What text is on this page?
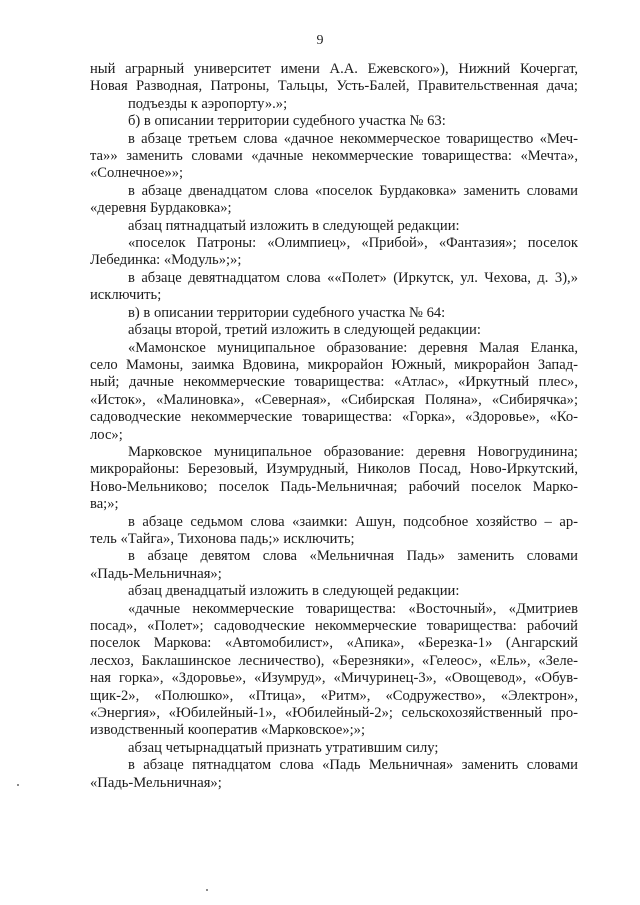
9
ный аграрный университет имени А.А. Ежевского»), Нижний Кочергат,
Новая Разводная, Патроны, Тальцы, Усть-Балей, Правительственная дача;
подъезды к аэропорту».»;
б) в описании территории судебного участка № 63:
в абзаце третьем слова «дачное некоммерческое товарищество «Меч-
та»» заменить словами «дачные некоммерческие товарищества: «Мечта»,
«Солнечное»»;
в абзаце двенадцатом слова «поселок Бурдаковка» заменить словами
«деревня Бурдаковка»;
абзац пятнадцатый изложить в следующей редакции:
«поселок Патроны: «Олимпиец», «Прибой», «Фантазия»; поселок
Лебединка: «Модуль»;»;
в абзаце девятнадцатом слова ««Полет» (Иркутск, ул. Чехова, д. 3),»
исключить;
в) в описании территории судебного участка № 64:
абзацы второй, третий изложить в следующей редакции:
«Мамонское муниципальное образование: деревня Малая Еланка,
село Мамоны, заимка Вдовина, микрорайон Южный, микрорайон Запад-
ный; дачные некоммерческие товарищества: «Атлас», «Иркутный плес»,
«Исток», «Малиновка», «Северная», «Сибирская Поляна», «Сибирячка»;
садоводческие некоммерческие товарищества: «Горка», «Здоровье», «Ко-
лос»;
Марковское муниципальное образование: деревня Новогрудинина;
микрорайоны: Березовый, Изумрудный, Николов Посад, Ново-Иркутский,
Ново-Мельниково; поселок Падь-Мельничная; рабочий поселок Марко-
ва;»;
в абзаце седьмом слова «заимки: Ашун, подсобное хозяйство – ар-
тель «Тайга», Тихонова падь;» исключить;
в абзаце девятом слова «Мельничная Падь» заменить словами
«Падь-Мельничная»;
абзац двенадцатый изложить в следующей редакции:
«дачные некоммерческие товарищества: «Восточный», «Дмитриев
посад», «Полет»; садоводческие некоммерческие товарищества: рабочий
поселок Маркова: «Автомобилист», «Апика», «Березка-1» (Ангарский
лесхоз, Баклашинское лесничество), «Березняки», «Гелеос», «Ель», «Зеле-
ная горка», «Здоровье», «Изумруд», «Мичуринец-3», «Овощевод», «Обув-
щик-2», «Полюшко», «Птица», «Ритм», «Содружество», «Электрон»,
«Энергия», «Юбилейный-1», «Юбилейный-2»; сельскохозяйственный про-
изводственный кооператив «Марковское»;»;
абзац четырнадцатый признать утратившим силу;
в абзаце пятнадцатом слова «Падь Мельничная» заменить словами
«Падь-Мельничная»;
